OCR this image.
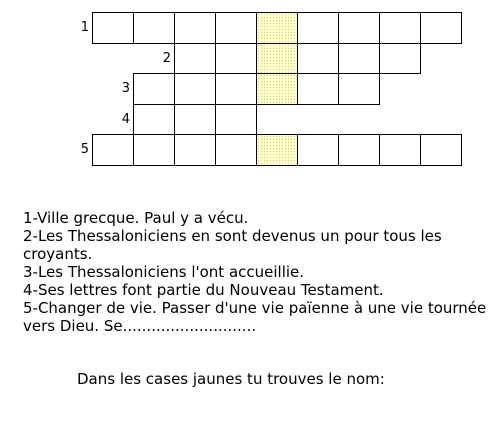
1
2
3
4
5

1-Ville grecque. Paul y a vécu.

2-Les Thessaloniciens en sont devenus un pour tous les croyants.

3-Les Thessaloniciens l'ont accueillie.

4-Ses lettres font partie du Nouveau Testament.

5-Changer de vie. Passer d'une vie païenne à une vie tournée vers Dieu. Se............................

Dans les cases jaunes tu trouves le nom:
